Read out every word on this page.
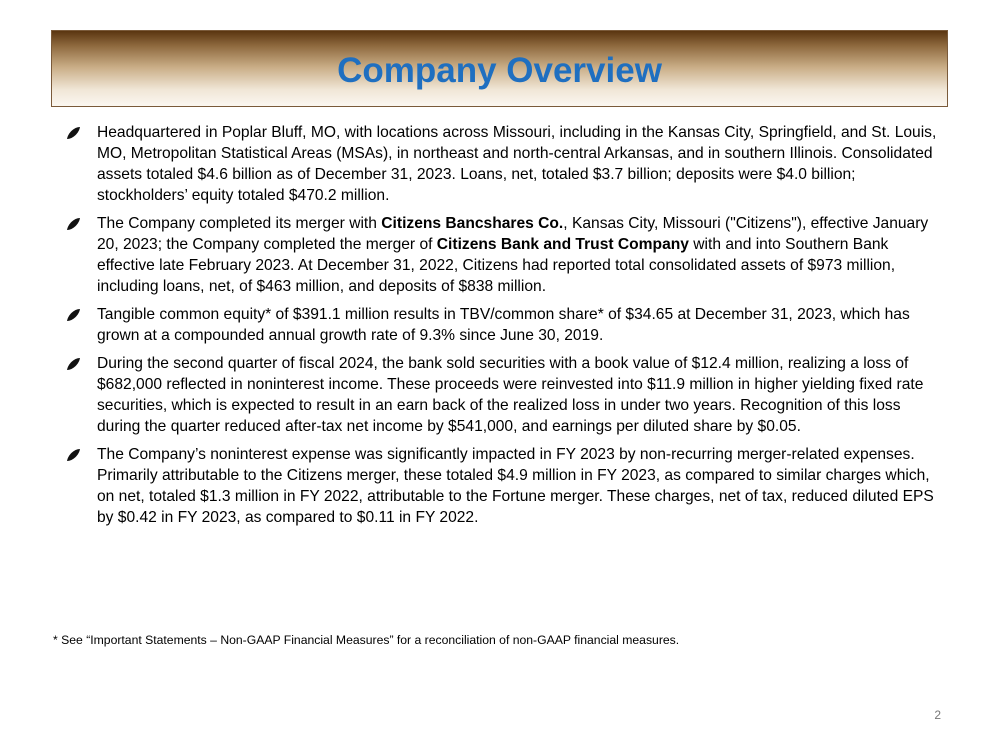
Company Overview
Headquartered in Poplar Bluff, MO, with locations across Missouri, including in the Kansas City, Springfield, and St. Louis, MO, Metropolitan Statistical Areas (MSAs), in northeast and north-central Arkansas, and in southern Illinois. Consolidated assets totaled $4.6 billion as of December 31, 2023. Loans, net, totaled $3.7 billion; deposits were $4.0 billion; stockholders’ equity totaled $470.2 million.
The Company completed its merger with Citizens Bancshares Co., Kansas City, Missouri ("Citizens"), effective January 20, 2023; the Company completed the merger of Citizens Bank and Trust Company with and into Southern Bank effective late February 2023. At December 31, 2022, Citizens had reported total consolidated assets of $973 million, including loans, net, of $463 million, and deposits of $838 million.
Tangible common equity* of $391.1 million results in TBV/common share* of $34.65 at December 31, 2023, which has grown at a compounded annual growth rate of 9.3% since June 30, 2019.
During the second quarter of fiscal 2024, the bank sold securities with a book value of $12.4 million, realizing a loss of $682,000 reflected in noninterest income. These proceeds were reinvested into $11.9 million in higher yielding fixed rate securities, which is expected to result in an earn back of the realized loss in under two years. Recognition of this loss during the quarter reduced after-tax net income by $541,000, and earnings per diluted share by $0.05.
The Company’s noninterest expense was significantly impacted in FY 2023 by non-recurring merger-related expenses. Primarily attributable to the Citizens merger, these totaled $4.9 million in FY 2023, as compared to similar charges which, on net, totaled $1.3 million in FY 2022, attributable to the Fortune merger. These charges, net of tax, reduced diluted EPS by $0.42 in FY 2023, as compared to $0.11 in FY 2022.
* See “Important Statements – Non-GAAP Financial Measures” for a reconciliation of non-GAAP financial measures.
2
